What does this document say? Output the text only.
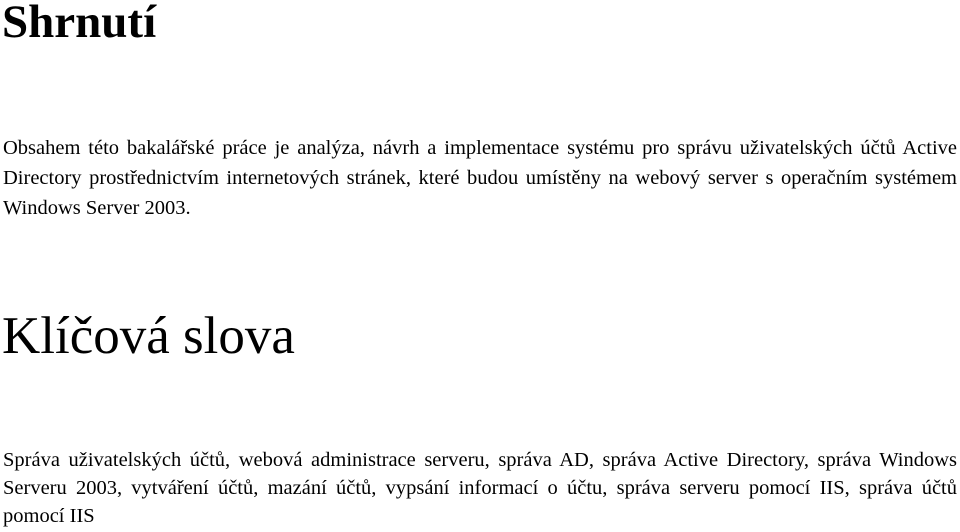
Shrnutí

Obsahem této bakalářské práce je analýza, návrh a implementace systému pro správu uživatelských účtů Active Directory prostřednictvím internetových stránek, které budou umístěny na webový server s operačním systémem Windows Server 2003.

Klíčová slova

Správa uživatelských účtů, webová administrace serveru, správa AD, správa Active Directory, správa Windows Serveru 2003, vytváření účtů, mazání účtů, vypsání informací o účtu, správa serveru pomocí IIS, správa účtů pomocí IIS
